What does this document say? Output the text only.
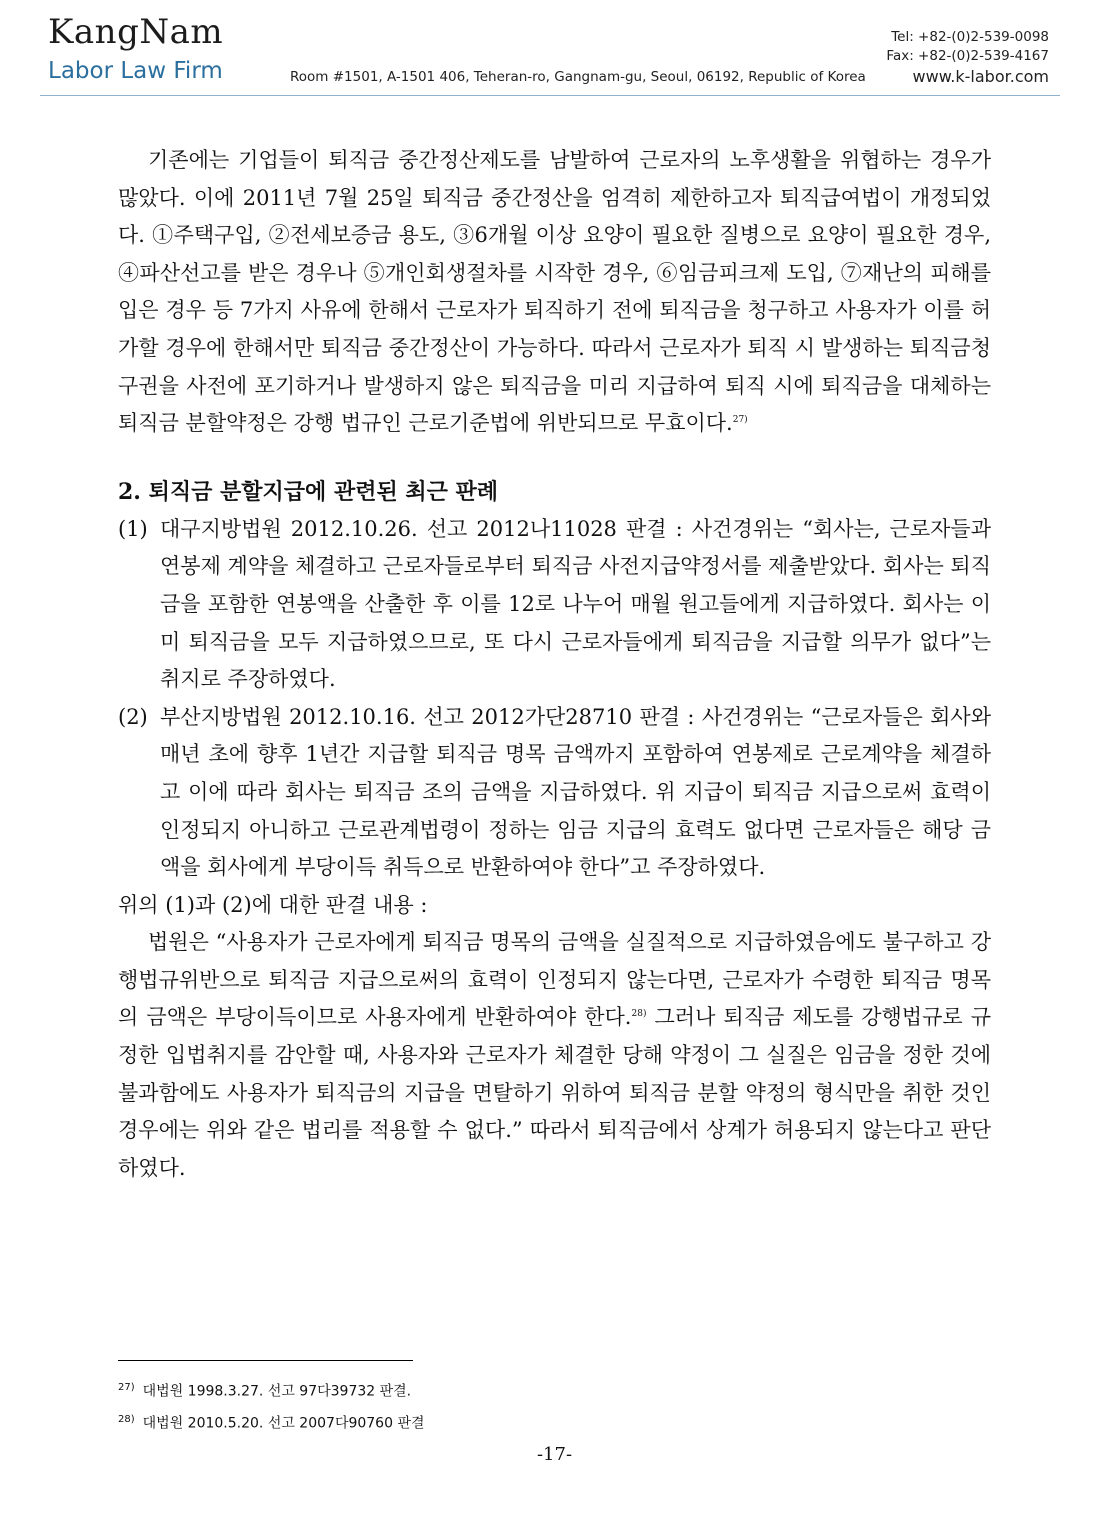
KangNam
Labor Law Firm	Room #1501, A-1501 406, Teheran-ro, Gangnam-gu, Seoul, 06192, Republic of Korea
Tel: +82-(0)2-539-0098
Fax: +82-(0)2-539-4167
www.k-labor.com

기존에는 기업들이 퇴직금 중간정산제도를 남발하여 근로자의 노후생활을 위협하는 경우가 많았다. 이에 2011년 7월 25일 퇴직금 중간정산을 엄격히 제한하고자 퇴직급여법이 개정되었다. ①주택구입, ②전세보증금 용도, ③6개월 이상 요양이 필요한 질병으로 요양이 필요한 경우, ④파산선고를 받은 경우나 ⑤개인회생절차를 시작한 경우, ⑥임금피크제 도입, ⑦재난의 피해를 입은 경우 등 7가지 사유에 한해서 근로자가 퇴직하기 전에 퇴직금을 청구하고 사용자가 이를 허가할 경우에 한해서만 퇴직금 중간정산이 가능하다. 따라서 근로자가 퇴직 시 발생하는 퇴직금청구권을 사전에 포기하거나 발생하지 않은 퇴직금을 미리 지급하여 퇴직 시에 퇴직금을 대체하는 퇴직금 분할약정은 강행 법규인 근로기준법에 위반되므로 무효이다.$^{27)}$

2. 퇴직금 분할지급에 관련된 최근 판례
(1) 대구지방법원 2012.10.26. 선고 2012나11028 판결 : 사건경위는 “회사는, 근로자들과 연봉제 계약을 체결하고 근로자들로부터 퇴직금 사전지급약정서를 제출받았다. 회사는 퇴직금을 포함한 연봉액을 산출한 후 이를 12로 나누어 매월 원고들에게 지급하였다. 회사는 이미 퇴직금을 모두 지급하였으므로, 또 다시 근로자들에게 퇴직금을 지급할 의무가 없다”는 취지로 주장하였다.
(2) 부산지방법원 2012.10.16. 선고 2012가단28710 판결 : 사건경위는 “근로자들은 회사와 매년 초에 향후 1년간 지급할 퇴직금 명목 금액까지 포함하여 연봉제로 근로계약을 체결하고 이에 따라 회사는 퇴직금 조의 금액을 지급하였다. 위 지급이 퇴직금 지급으로써 효력이 인정되지 아니하고 근로관계법령이 정하는 임금 지급의 효력도 없다면 근로자들은 해당 금액을 회사에게 부당이득 취득으로 반환하여야 한다”고 주장하였다.

위의 (1)과 (2)에 대한 판결 내용 :

법원은 “사용자가 근로자에게 퇴직금 명목의 금액을 실질적으로 지급하였음에도 불구하고 강행법규위반으로 퇴직금 지급으로써의 효력이 인정되지 않는다면, 근로자가 수령한 퇴직금 명목의 금액은 부당이득이므로 사용자에게 반환하여야 한다.$^{28)}$ 그러나 퇴직금 제도를 강행법규로 규정한 입법취지를 감안할 때, 사용자와 근로자가 체결한 당해 약정이 그 실질은 임금을 정한 것에 불과함에도 사용자가 퇴직금의 지급을 면탈하기 위하여 퇴직금 분할 약정의 형식만을 취한 것인 경우에는 위와 같은 법리를 적용할 수 없다.” 따라서 퇴직금에서 상계가 허용되지 않는다고 판단하였다.

$^{27)}$ 대법원 1998.3.27. 선고 97다39732 판결.
$^{28)}$ 대법원 2010.5.20. 선고 2007다90760 판결
-17-
